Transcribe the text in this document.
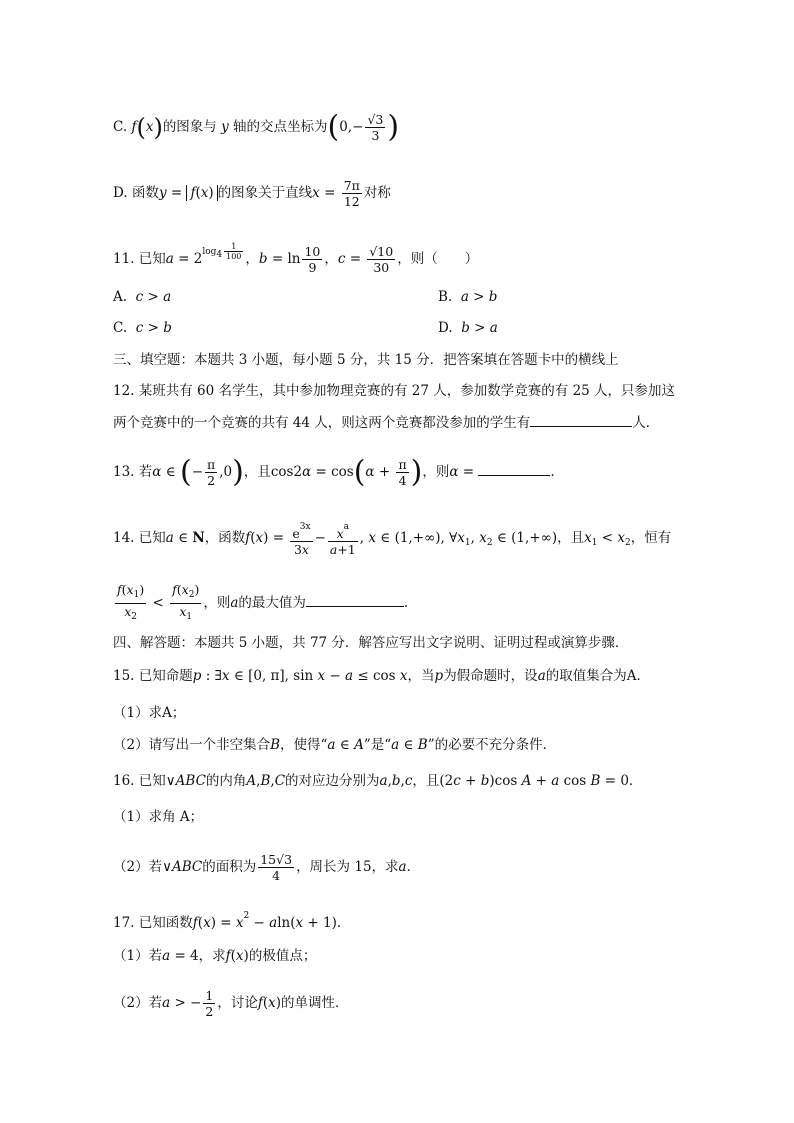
C. f(x)的图象与 y 轴的交点坐标为($0,- \frac{√3}{3}$ )
D. 函数y = f(x) 的图象关于直线$x = \frac{7\pi}{12}$ 对称
11. 已知$a = 2^{log_4 \frac{1}{100}}$ ，$b = \ln \frac{10}{9}$ ，$c = \frac{√10}{30}$ ，则（　　）
A. c > a	B. a > b
C. c > b	D. b > a
三、填空题：本题共 3 小题，每小题 5 分，共 15 分．把答案填在答题卡中的横线上
12. 某班共有 60 名学生，其中参加物理竞赛的有 27 人，参加数学竞赛的有 25 人，只参加这
两个竞赛中的一个竞赛的共有 44 人，则这两个竞赛都没参加的学生有	人．
13. 若α ∈ (− $\frac{\pi}{2} ,0$)，且$\cos 2\alpha = \cos(\alpha + \frac{\pi}{4}$ )，则α =	.
14. 已知a ∈ N，函数$f(x) = \frac{e^{3x}}{3x} - \frac{x^a}{a+1}$ , x ∈ (1,+∞), $\forall x_1$, $x_2$ ∈ (1,+∞)，且$x_1 < x_2$，恒有
$\frac{f(x_1)}{x_2} < \frac{f(x_2)}{x_1}$ ，则a的最大值为	.
四、解答题：本题共 5 小题，共 77 分．解答应写出文字说明、证明过程或演算步骤．
15. 已知命题p : ∃x ∈ [0, π], sin x − a ≤ cos x，当p为假命题时，设a的取值集合为A．
（1）求A；
（2）请写出一个非空集合B，使得“a ∈ A”是“a ∈ B”的必要不充分条件．
16. 已知∨ABC的内角A,B,C的对应边分别为a,b,c，且(2c + b)cos A + a cos B = 0．
（1）求角 A；
（2）若∨ABC的面积为 $\frac{15√3}{4}$ ，周长为 15，求a．
17. 已知函数$f(x) = x^2 - aln(x + 1)$．
（1）若a = 4，求f(x)的极值点；
（2）若a > − $\frac{1}{2}$ ，讨论f(x)的单调性．
